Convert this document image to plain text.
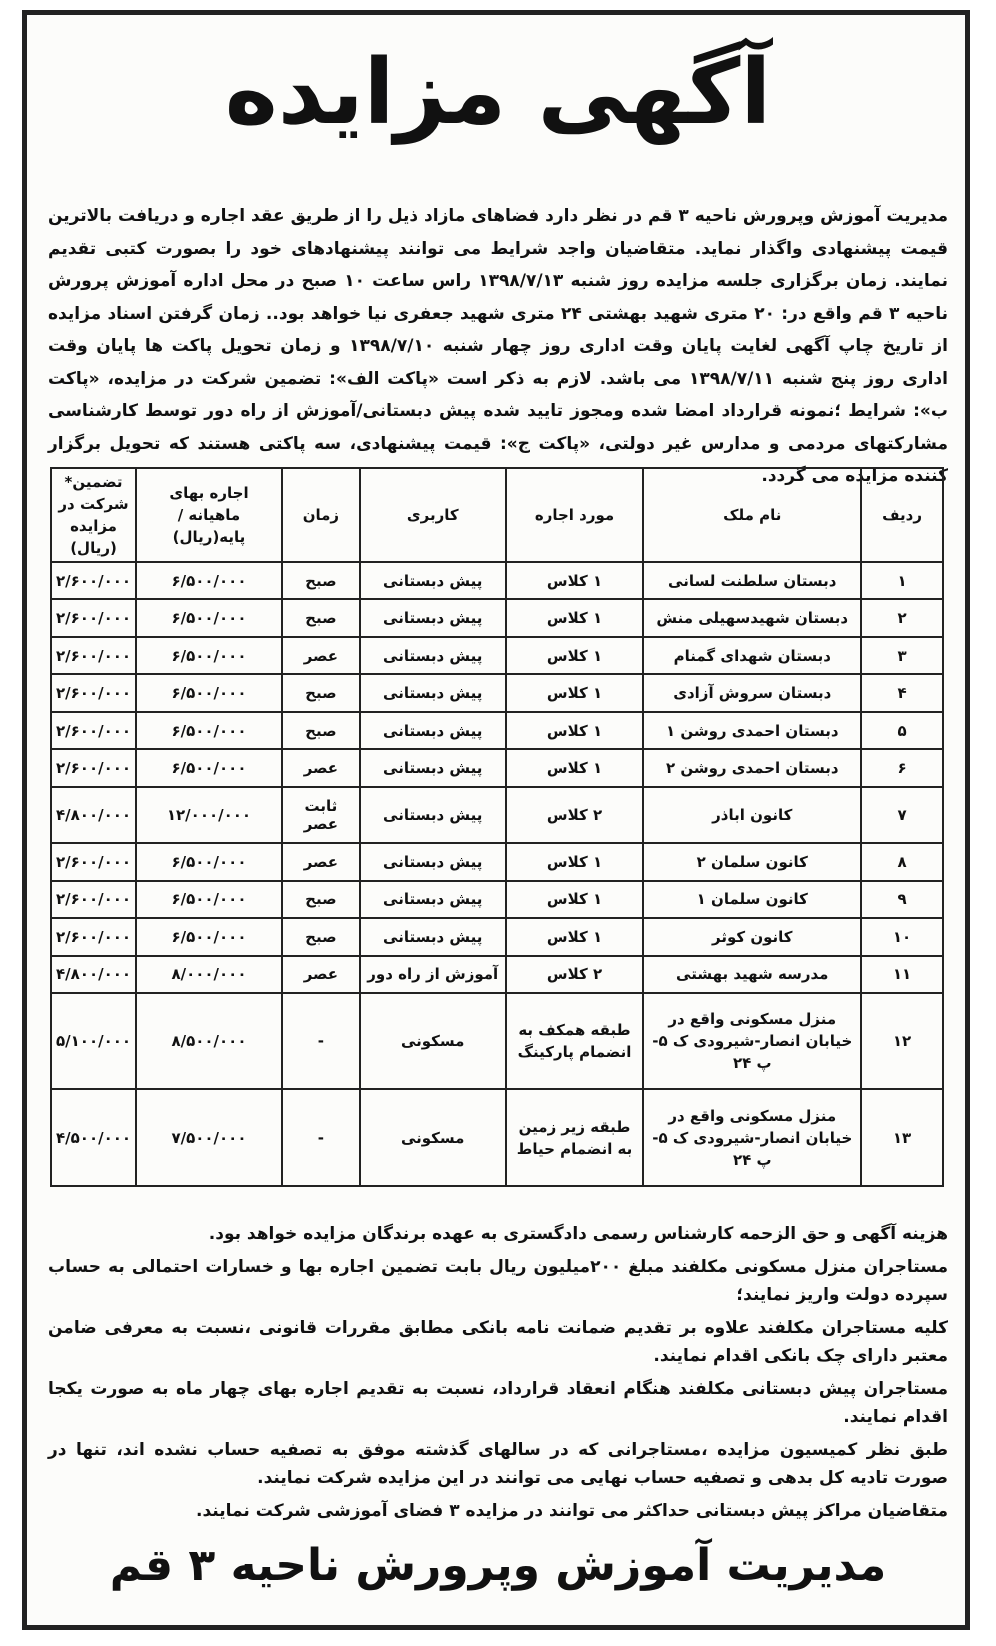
آگهی مزایده
مدیریت آموزش وپرورش ناحیه ۳ قم در نظر دارد فضاهای مازاد ذیل را از طریق عقد اجاره و دریافت بالاترین قیمت پیشنهادی واگذار نماید. متقاضیان واجد شرایط می توانند پیشنهادهای خود را بصورت کتبی تقدیم نمایند. زمان برگزاری جلسه مزایده روز شنبه ۱۳۹۸/۷/۱۳ راس ساعت ۱۰ صبح در محل اداره آموزش پرورش ناحیه ۳ قم واقع در: ۲۰ متری شهید بهشتی ۲۴ متری شهید جعفری نیا خواهد بود.. زمان گرفتن اسناد مزایده از تاریخ چاپ آگهی لغایت پایان وقت اداری روز چهار شنبه ۱۳۹۸/۷/۱۰ و زمان تحویل پاکت ها پایان وقت اداری روز پنج شنبه ۱۳۹۸/۷/۱۱ می باشد. لازم به ذکر است «پاکت الف»: تضمین شرکت در مزایده، «پاکت ب»: شرایط ؛نمونه قرارداد امضا شده ومجوز تایید شده پیش دبستانی/آموزش از راه دور توسط کارشناسی مشارکتهای مردمی و مدارس غیر دولتی، «پاکت ج»: قیمت پیشنهادی، سه پاکتی هستند که تحویل برگزار کننده مزایده می گردد.
ردیف	نام ملک	مورد اجاره	کاربری	زمان	اجاره بهای ماهیانه / پایه(ریال)	تضمین* شرکت در مزایده (ریال)
۱	دبستان سلطنت لسانی	۱ کلاس	پیش دبستانی	صبح	۶/۵۰۰/۰۰۰	۲/۶۰۰/۰۰۰
۲	دبستان شهیدسهیلی منش	۱ کلاس	پیش دبستانی	صبح	۶/۵۰۰/۰۰۰	۲/۶۰۰/۰۰۰
۳	دبستان شهدای گمنام	۱ کلاس	پیش دبستانی	عصر	۶/۵۰۰/۰۰۰	۲/۶۰۰/۰۰۰
۴	دبستان سروش آزادی	۱ کلاس	پیش دبستانی	صبح	۶/۵۰۰/۰۰۰	۲/۶۰۰/۰۰۰
۵	دبستان احمدی روشن ۱	۱ کلاس	پیش دبستانی	صبح	۶/۵۰۰/۰۰۰	۲/۶۰۰/۰۰۰
۶	دبستان احمدی روشن ۲	۱ کلاس	پیش دبستانی	عصر	۶/۵۰۰/۰۰۰	۲/۶۰۰/۰۰۰
۷	کانون اباذر	۲ کلاس	پیش دبستانی	ثابت عصر	۱۲/۰۰۰/۰۰۰	۴/۸۰۰/۰۰۰
۸	کانون سلمان ۲	۱ کلاس	پیش دبستانی	عصر	۶/۵۰۰/۰۰۰	۲/۶۰۰/۰۰۰
۹	کانون سلمان ۱	۱ کلاس	پیش دبستانی	صبح	۶/۵۰۰/۰۰۰	۲/۶۰۰/۰۰۰
۱۰	کانون کوثر	۱ کلاس	پیش دبستانی	صبح	۶/۵۰۰/۰۰۰	۲/۶۰۰/۰۰۰
۱۱	مدرسه شهید بهشتی	۲ کلاس	آموزش از راه دور	عصر	۸/۰۰۰/۰۰۰	۴/۸۰۰/۰۰۰
۱۲	منزل مسکونی واقع در خیابان انصار-شیرودی ک ۵-پ ۲۴	طبقه همکف به انضمام پارکینگ	مسکونی	-	۸/۵۰۰/۰۰۰	۵/۱۰۰/۰۰۰
۱۳	منزل مسکونی واقع در خیابان انصار-شیرودی ک ۵-پ ۲۴	طبقه زیر زمین به انضمام حیاط	مسکونی	-	۷/۵۰۰/۰۰۰	۴/۵۰۰/۰۰۰

هزینه آگهی و حق الزحمه کارشناس رسمی دادگستری به عهده برندگان مزایده خواهد بود.

مستاجران منزل مسکونی مکلفند مبلغ ۲۰۰میلیون ریال بابت تضمین اجاره بها و خسارات احتمالی به حساب سپرده دولت واریز نمایند؛

کلیه مستاجران مکلفند علاوه بر تقدیم ضمانت نامه بانکی مطابق مقررات قانونی ،نسبت به معرفی ضامن معتبر دارای چک بانکی اقدام نمایند.

مستاجران پیش دبستانی مکلفند هنگام انعقاد قرارداد، نسبت به تقدیم اجاره بهای چهار ماه به صورت یکجا اقدام نمایند.

طبق نظر کمیسیون مزایده ،مستاجرانی که در سالهای گذشته موفق به تصفیه حساب نشده اند، تنها در صورت تادیه کل بدهی و تصفیه حساب نهایی می توانند در این مزایده شرکت نمایند.

متقاضیان مراکز پیش دبستانی حداکثر می توانند در مزایده ۳ فضای آموزشی شرکت نمایند.

مدیریت آموزش وپرورش ناحیه ۳ قم
